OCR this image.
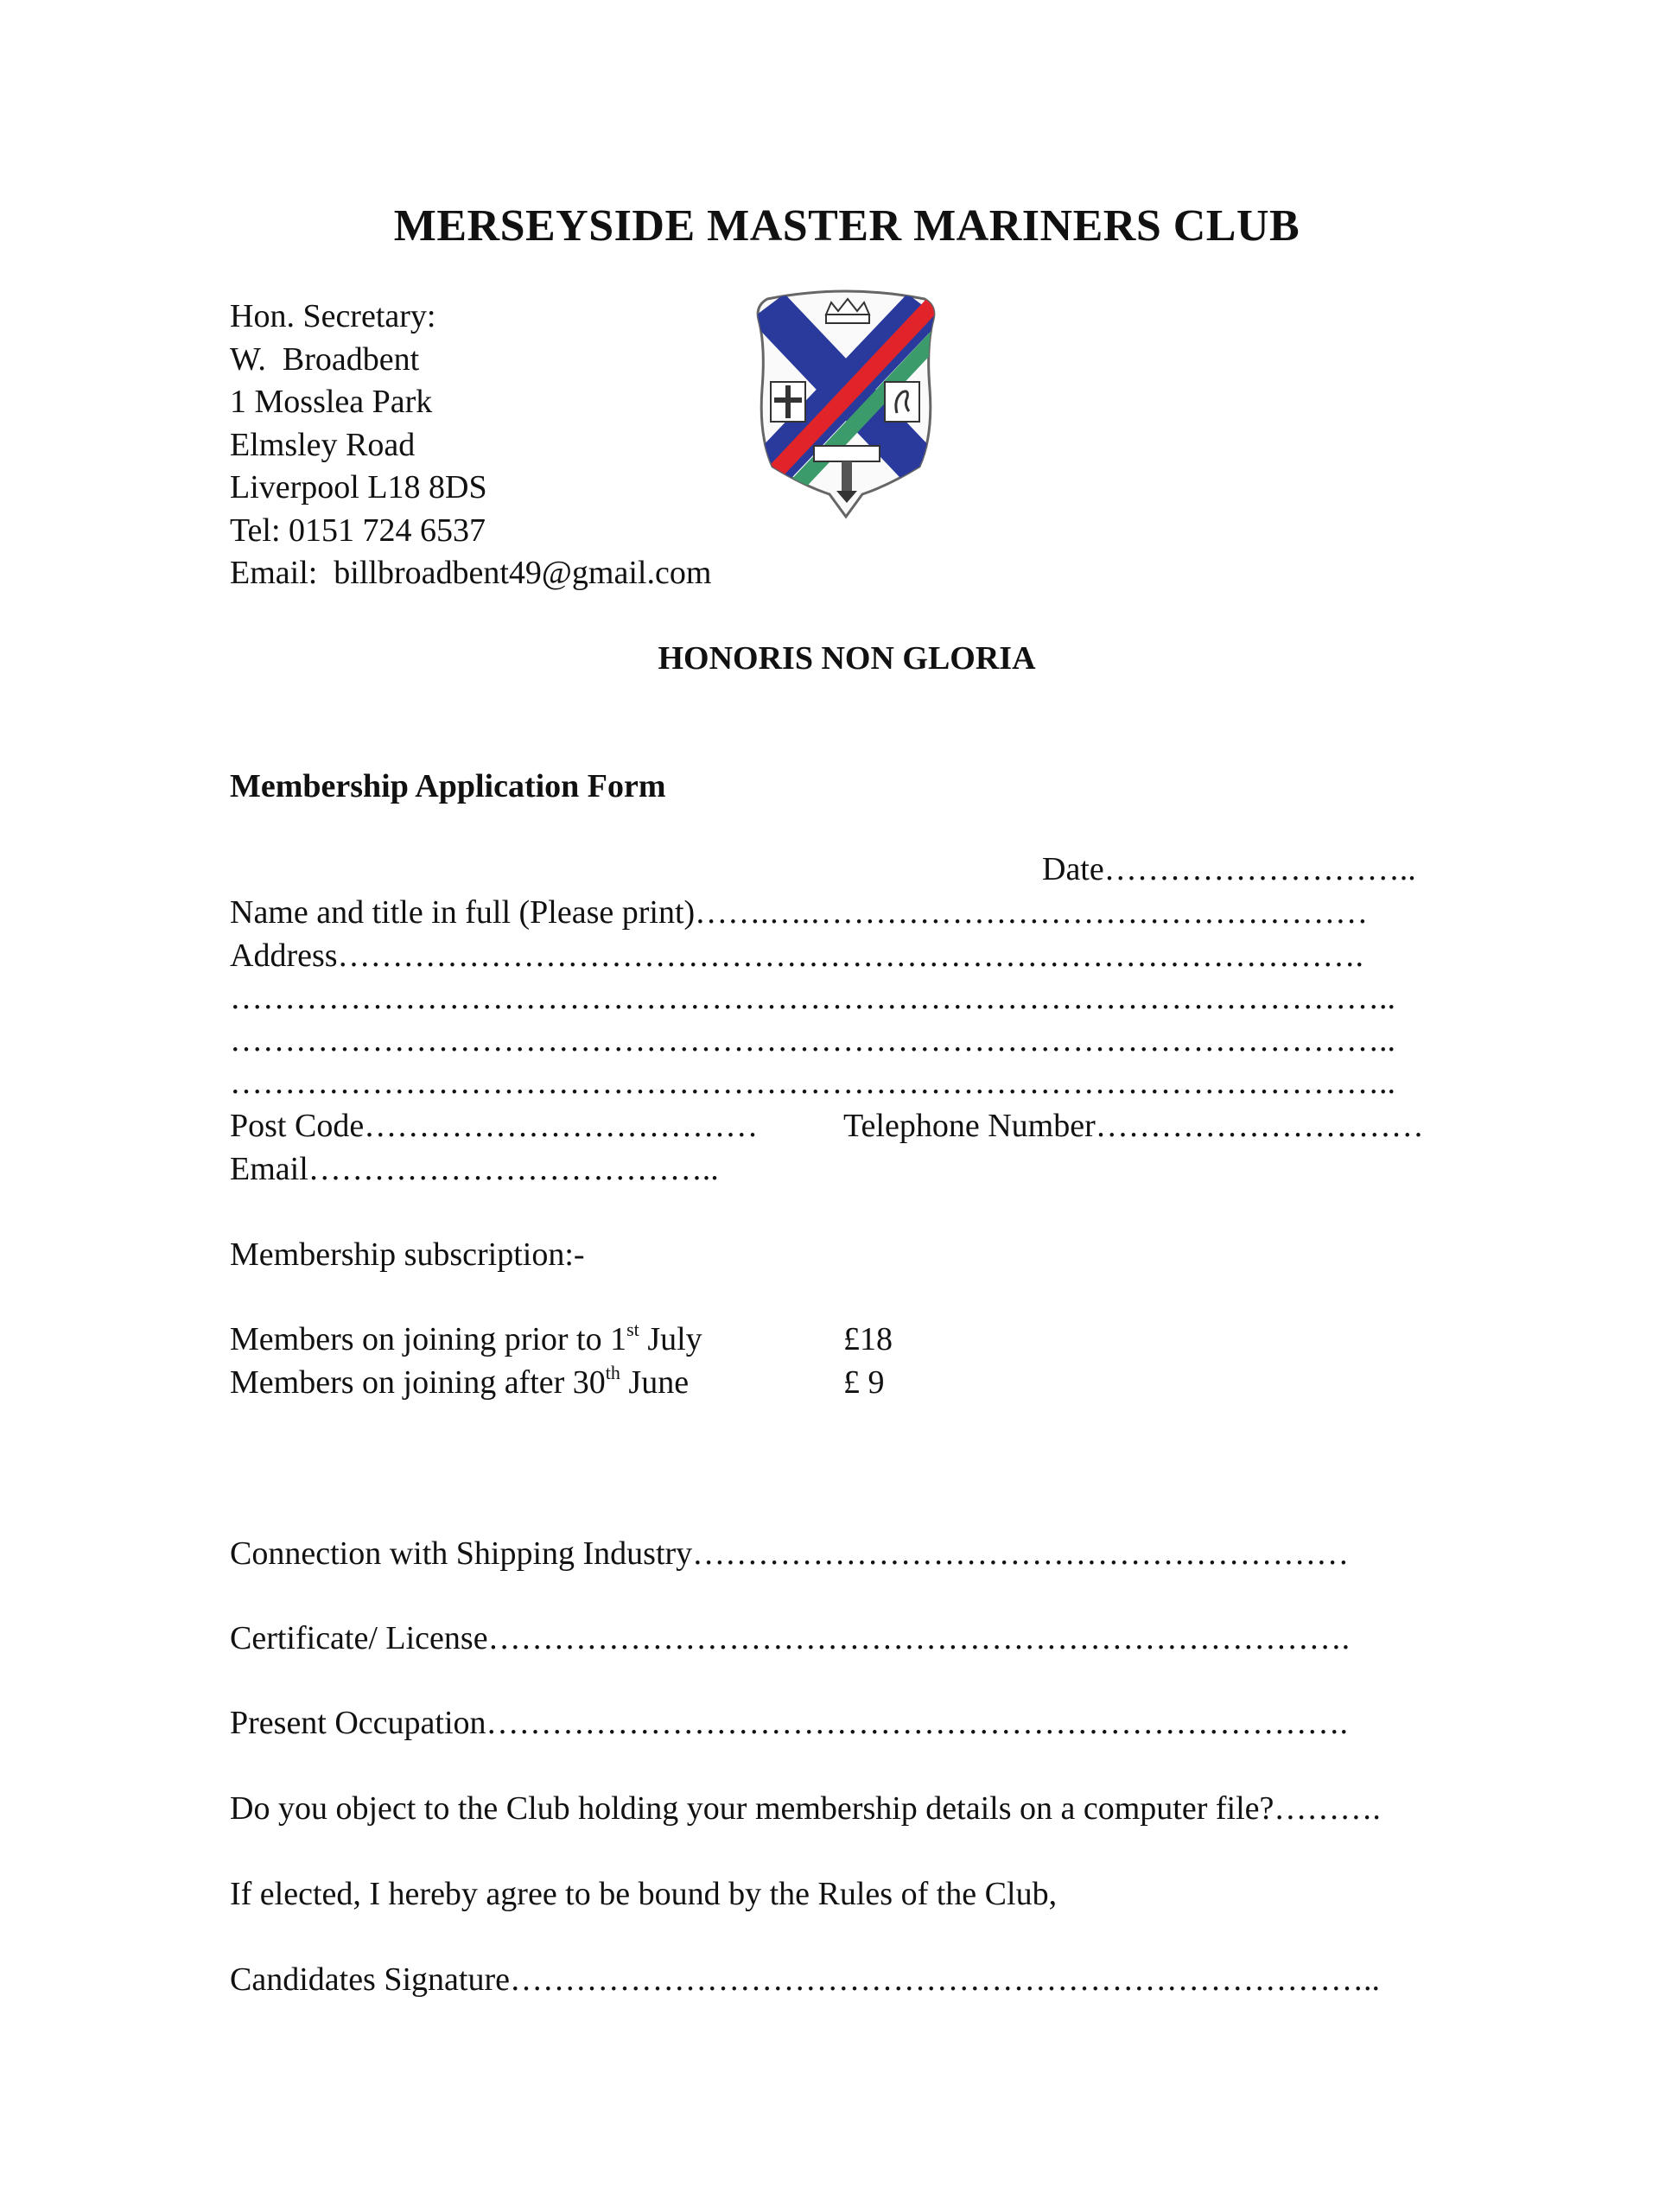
MERSEYSIDE MASTER MARINERS CLUB
Hon. Secretary:
W.  Broadbent
1 Mosslea Park
Elmsley Road
Liverpool L18 8DS
Tel: 0151 724 6537
Email:  billbroadbent49@gmail.com
HONORIS NON GLORIA
Membership Application Form
Date………………………..
Name and title in full (Please print)…….….……………………………………………
Address………………………………………………………………………………….
……………………………………………………………………………………………..
……………………………………………………………………………………………..
……………………………………………………………………………………………..
Post Code………………………………	Telephone Number…………………………
Email………………………………..
Membership subscription:-
Members on joining prior to 1st July	£18
Members on joining after 30th June	£ 9
Connection with Shipping Industry……………………………………………………
Certificate/ License…………………………………………………………………….
Present Occupation…………………………………………………………………….
Do you object to the Club holding your membership details on a computer file?……….
If elected, I hereby agree to be bound by the Rules of the Club,
Candidates Signature……………………………………………………………………..
